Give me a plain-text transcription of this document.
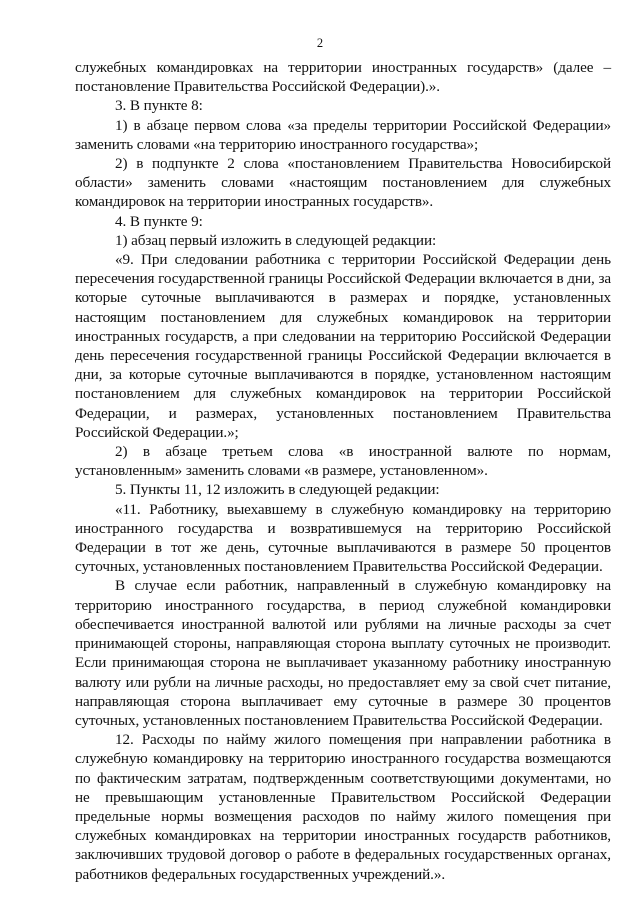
2

служебных командировках на территории иностранных государств» (далее – постановление Правительства Российской Федерации).».

3. В пункте 8:

1) в абзаце первом слова «за пределы территории Российской Федерации» заменить словами «на территорию иностранного государства»;

2) в подпункте 2 слова «постановлением Правительства Новосибирской области» заменить словами «настоящим постановлением для служебных командировок на территории иностранных государств».

4. В пункте 9:

1) абзац первый изложить в следующей редакции:

«9. При следовании работника с территории Российской Федерации день пересечения государственной границы Российской Федерации включается в дни, за которые суточные выплачиваются в размерах и порядке, установленных настоящим постановлением для служебных командировок на территории иностранных государств, а при следовании на территорию Российской Федерации день пересечения государственной границы Российской Федерации включается в дни, за которые суточные выплачиваются в порядке, установленном настоящим постановлением для служебных командировок на территории Российской Федерации, и размерах, установленных постановлением Правительства Российской Федерации.»;

2) в абзаце третьем слова «в иностранной валюте по нормам, установленным» заменить словами «в размере, установленном».

5. Пункты 11, 12 изложить в следующей редакции:

«11. Работнику, выехавшему в служебную командировку на территорию иностранного государства и возвратившемуся на территорию Российской Федерации в тот же день, суточные выплачиваются в размере 50 процентов суточных, установленных постановлением Правительства Российской Федерации.

В случае если работник, направленный в служебную командировку на территорию иностранного государства, в период служебной командировки обеспечивается иностранной валютой или рублями на личные расходы за счет принимающей стороны, направляющая сторона выплату суточных не производит. Если принимающая сторона не выплачивает указанному работнику иностранную валюту или рубли на личные расходы, но предоставляет ему за свой счет питание, направляющая сторона выплачивает ему суточные в размере 30 процентов суточных, установленных постановлением Правительства Российской Федерации.

12. Расходы по найму жилого помещения при направлении работника в служебную командировку на территорию иностранного государства возмещаются по фактическим затратам, подтвержденным соответствующими документами, но не превышающим установленные Правительством Российской Федерации предельные нормы возмещения расходов по найму жилого помещения при служебных командировках на территории иностранных государств работников, заключивших трудовой договор о работе в федеральных государственных органах, работников федеральных государственных учреждений.».
